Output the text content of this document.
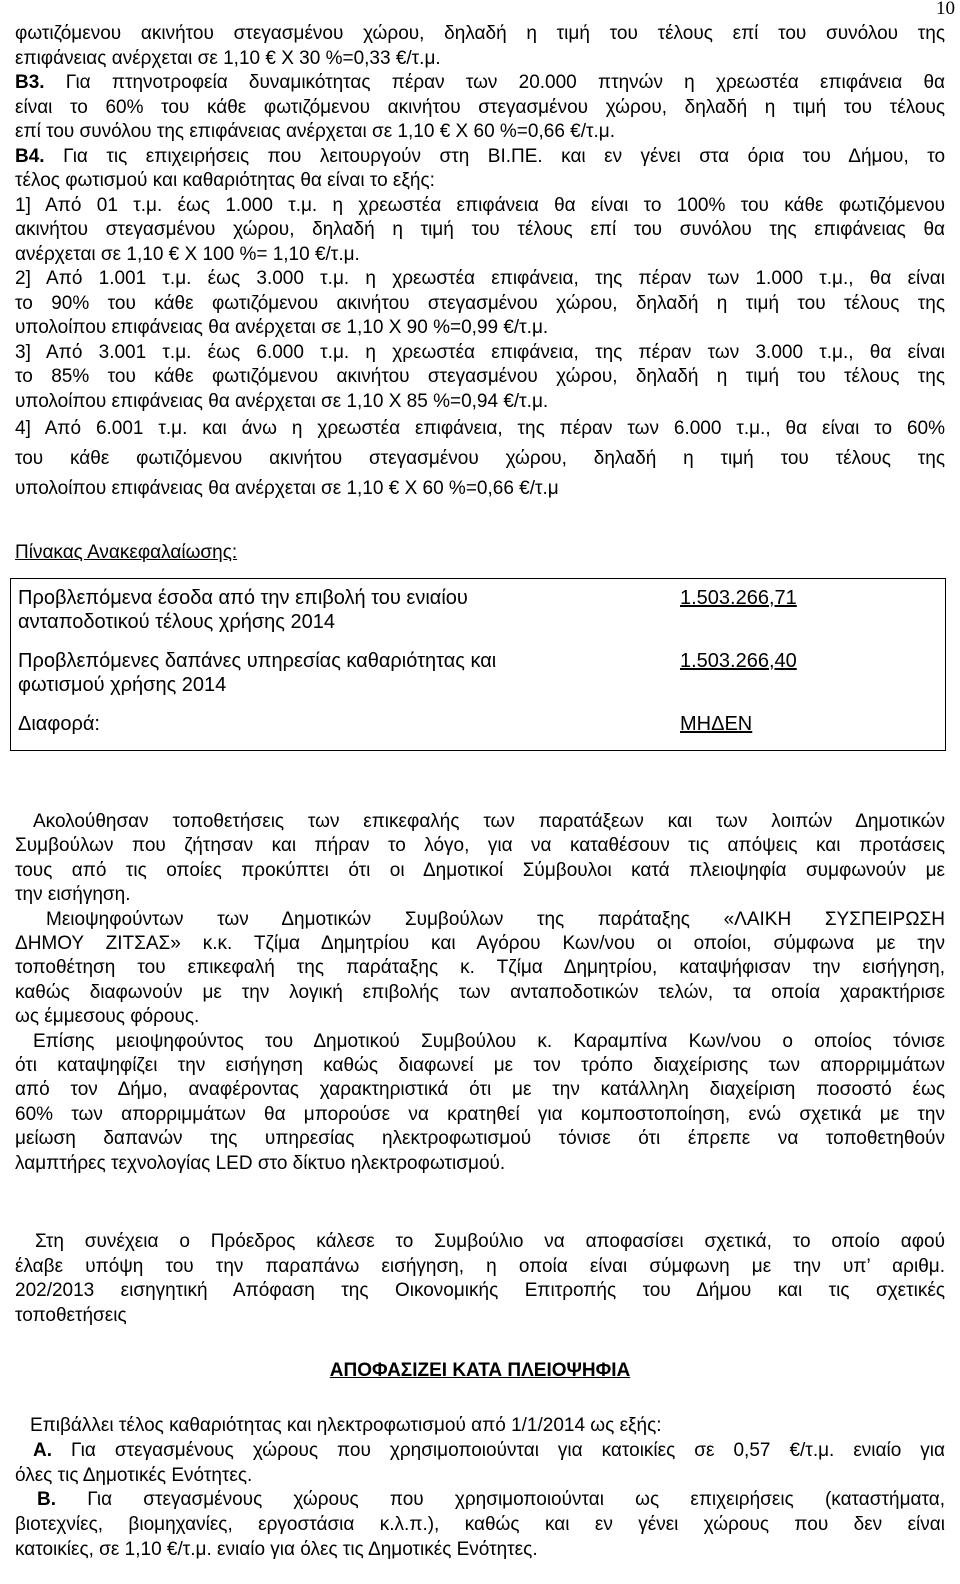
10

φωτιζόμενου ακινήτου στεγασμένου χώρου, δηλαδή η τιμή του τέλους επί του συνόλου της

επιφάνειας ανέρχεται σε 1,10 € Χ 30 %=0,33 €/τ.μ.

Β3. Για πτηνοτροφεία δυναμικότητας πέραν των 20.000 πτηνών η χρεωστέα επιφάνεια θα

είναι το 60% του κάθε φωτιζόμενου ακινήτου στεγασμένου χώρου, δηλαδή η τιμή του τέλους

επί του συνόλου της επιφάνειας ανέρχεται σε 1,10 € Χ 60 %=0,66 €/τ.μ.

Β4. Για τις επιχειρήσεις που λειτουργούν στη ΒΙ.ΠΕ. και εν γένει στα όρια του Δήμου, το

τέλος φωτισμού και καθαριότητας θα είναι το εξής:

1] Από 01 τ.μ. έως 1.000 τ.μ. η χρεωστέα επιφάνεια θα είναι το 100% του κάθε φωτιζόμενου

ακινήτου στεγασμένου χώρου, δηλαδή η τιμή του τέλους επί του συνόλου της επιφάνειας θα

ανέρχεται σε 1,10 € Χ 100 %= 1,10 €/τ.μ.

2] Από 1.001 τ.μ. έως 3.000 τ.μ. η χρεωστέα επιφάνεια, της πέραν των 1.000 τ.μ., θα είναι

το 90% του κάθε φωτιζόμενου ακινήτου στεγασμένου χώρου, δηλαδή η τιμή του τέλους της

υπολοίπου επιφάνειας θα ανέρχεται σε 1,10 Χ 90 %=0,99 €/τ.μ.

3] Από 3.001 τ.μ. έως 6.000 τ.μ. η χρεωστέα επιφάνεια, της πέραν των 3.000 τ.μ., θα είναι

το 85% του κάθε φωτιζόμενου ακινήτου στεγασμένου χώρου, δηλαδή η τιμή του τέλους της

υπολοίπου επιφάνειας θα ανέρχεται σε 1,10 Χ 85 %=0,94 €/τ.μ.

4] Από 6.001 τ.μ. και άνω η χρεωστέα επιφάνεια, της πέραν των 6.000 τ.μ., θα είναι το 60%

του κάθε φωτιζόμενου ακινήτου στεγασμένου χώρου, δηλαδή η τιμή του τέλους της

υπολοίπου επιφάνειας θα ανέρχεται σε 1,10 € Χ 60 %=0,66 €/τ.μ

Πίνακας Ανακεφαλαίωσης:
Προβλεπόμενα έσοδα από την επιβολή του ενιαίου
ανταποδοτικού τέλους χρήσης 2014	1.503.266,71

Προβλεπόμενες δαπάνες υπηρεσίας καθαριότητας και
φωτισμού χρήσης 2014	1.503.266,40

Διαφορά:	ΜΗΔΕΝ

Ακολούθησαν τοποθετήσεις των επικεφαλής των παρατάξεων και των λοιπών Δημοτικών

Συμβούλων που ζήτησαν και πήραν το λόγο, για να καταθέσουν τις απόψεις και προτάσεις

τους από τις οποίες προκύπτει ότι οι Δημοτικοί Σύμβουλοι κατά πλειοψηφία συμφωνούν με

την εισήγηση.

Μειοψηφούντων των Δημοτικών Συμβούλων της παράταξης «ΛΑΙΚΗ ΣΥΣΠΕΙΡΩΣΗ

ΔΗΜΟΥ ΖΙΤΣΑΣ» κ.κ. Τζίμα Δημητρίου και Αγόρου Κων/νου οι οποίοι, σύμφωνα με την

τοποθέτηση του επικεφαλή της παράταξης κ. Τζίμα Δημητρίου, καταψήφισαν την εισήγηση,

καθώς διαφωνούν με την λογική επιβολής των ανταποδοτικών τελών, τα οποία χαρακτήρισε

ως έμμεσους φόρους.

Επίσης μειοψηφούντος του Δημοτικού Συμβούλου κ. Καραμπίνα Κων/νου ο οποίος τόνισε

ότι καταψηφίζει την εισήγηση καθώς διαφωνεί με τον τρόπο διαχείρισης των απορριμμάτων

από τον Δήμο, αναφέροντας χαρακτηριστικά ότι με την κατάλληλη διαχείριση ποσοστό έως

60% των απορριμμάτων θα μπορούσε να κρατηθεί για κομποστοποίηση, ενώ σχετικά με την

μείωση δαπανών της υπηρεσίας ηλεκτροφωτισμού τόνισε ότι έπρεπε να τοποθετηθούν

λαμπτήρες τεχνολογίας LED στο δίκτυο ηλεκτροφωτισμού.

Στη συνέχεια ο Πρόεδρος κάλεσε το Συμβούλιο να αποφασίσει σχετικά, το οποίο αφού

έλαβε υπόψη του την παραπάνω εισήγηση, η οποία είναι σύμφωνη με την υπ’ αριθμ.

202/2013 εισηγητική Απόφαση της Οικονομικής Επιτροπής του Δήμου και τις σχετικές

τοποθετήσεις

ΑΠΟΦΑΣΙΖΕΙ ΚΑΤΑ ΠΛΕΙΟΨΗΦΙΑ

Επιβάλλει τέλος καθαριότητας και ηλεκτροφωτισμού από 1/1/2014 ως εξής:

Α. Για στεγασμένους χώρους που χρησιμοποιούνται για κατοικίες σε 0,57 €/τ.μ. ενιαίο για

όλες τις Δημοτικές Ενότητες.

Β. Για στεγασμένους χώρους που χρησιμοποιούνται ως επιχειρήσεις (καταστήματα,

βιοτεχνίες, βιομηχανίες, εργοστάσια κ.λ.π.), καθώς και εν γένει χώρους που δεν είναι

κατοικίες, σε 1,10 €/τ.μ. ενιαίο για όλες τις Δημοτικές Ενότητες.
